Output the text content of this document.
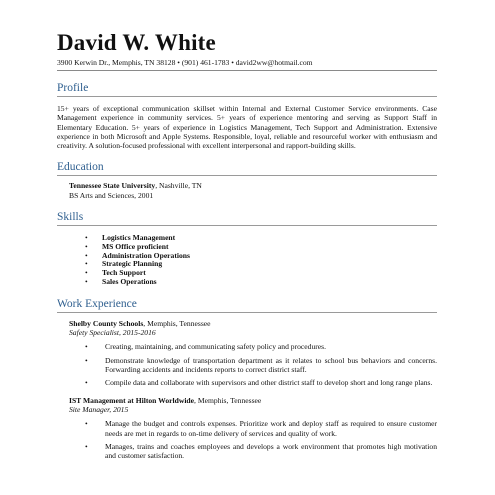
David W. White
3900 Kerwin Dr., Memphis, TN 38128 • (901) 461-1783 • david2ww@hotmail.com
Profile

15+ years of exceptional communication skillset within Internal and External Customer Service environments. Case Management experience in community services. 5+ years of experience mentoring and serving as Support Staff in Elementary Education. 5+ years of experience in Logistics Management, Tech Support and Administration. Extensive experience in both Microsoft and Apple Systems. Responsible, loyal, reliable and resourceful worker with enthusiasm and creativity. A solution-focused professional with excellent interpersonal and rapport-building skills.

Education
Tennessee State University, Nashville, TN
BS Arts and Sciences, 2001
Skills
• Logistics Management
• MS Office proficient
• Administration Operations
• Strategic Planning
• Tech Support
• Sales Operations
Work Experience
Shelby County Schools, Memphis, Tennessee
Safety Specialist, 2015-2016
• Creating, maintaining, and communicating safety policy and procedures.
• Demonstrate knowledge of transportation department as it relates to school bus behaviors and concerns. Forwarding accidents and incidents reports to correct district staff.
• Compile data and collaborate with supervisors and other district staff to develop short and long range plans.
IST Management at Hilton Worldwide, Memphis, Tennessee
Site Manager, 2015
• Manage the budget and controls expenses. Prioritize work and deploy staff as required to ensure customer needs are met in regards to on-time delivery of services and quality of work.
• Manages, trains and coaches employees and develops a work environment that promotes high motivation and customer satisfaction.
